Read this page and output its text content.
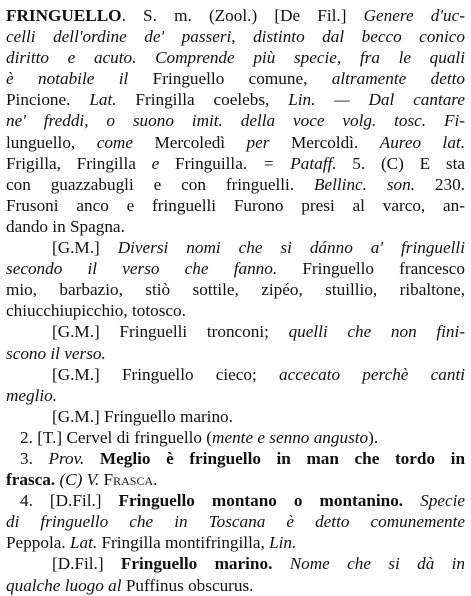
FRINGUELLO. S. m. (Zool.) [De Fil.] Genere d'uc-
celli dell'ordine de' passeri, distinto dal becco conico
diritto e acuto. Comprende più specie, fra le quali
è notabile il Fringuello comune, altramente detto
Pincione. Lat. Fringilla coelebs, Lin. — Dal cantare
ne' freddi, o suono imit. della voce volg. tosc. Fi-
lunguello, come Mercoledì per Mercoldì. Aureo lat.
Frigilla, Fringilla e Fringuilla. = Pataff. 5. (C) E sta
con guazzabugli e con fringuelli. Bellinc. son. 230.
Frusoni anco e fringuelli Furono presi al varco, an-
dando in Spagna.

[G.M.] Diversi nomi che si dánno a' fringuelli
secondo il verso che fanno. Fringuello francesco
mio, barbazio, stiò sottile, zipéo, stuillio, ribaltone,
chiucchiupicchio, totosco.

[G.M.] Fringuelli tronconi; quelli che non fini-
scono il verso.

[G.M.] Fringuello cieco; accecato perchè canti
meglio.

[G.M.] Fringuello marino.

2. [T.] Cervel di fringuello (mente e senno angusto).

3. Prov. Meglio è fringuello in man che tordo in
frasca. (C) V. Frasca.

4. [D.Fil.] Fringuello montano o montanino. Specie
di fringuello che in Toscana è detto comunemente
Peppola. Lat. Fringilla montifringilla, Lin.

[D.Fil.] Fringuello marino. Nome che si dà in
qualche luogo al Puffinus obscurus.
